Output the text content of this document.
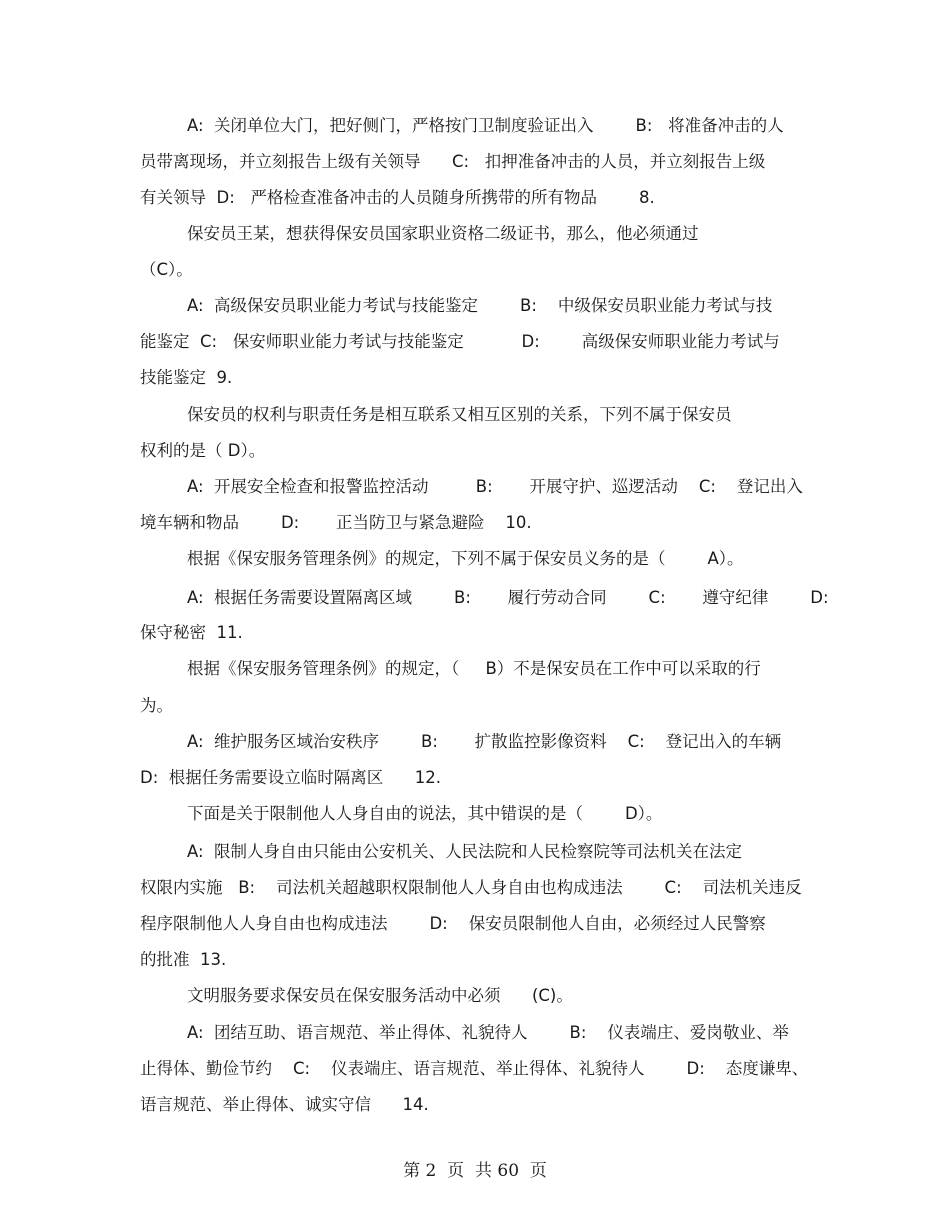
A:  关闭单位大门，把好侧门，严格按门卫制度验证出入        B:   将准备冲击的人
员带离现场，并立刻报告上级有关领导      C:   扣押准备冲击的人员，并立刻报告上级
有关领导  D:   严格检查准备冲击的人员随身所携带的所有物品        8.
保安员王某，想获得保安员国家职业资格二级证书，那么，他必须通过
（C）。
A:  高级保安员职业能力考试与技能鉴定        B:    中级保安员职业能力考试与技
能鉴定  C:   保安师职业能力考试与技能鉴定           D:        高级保安师职业能力考试与
技能鉴定  9.
保安员的权利与职责任务是相互联系又相互区别的关系，下列不属于保安员
权利的是（ D）。
A:  开展安全检查和报警监控活动         B:       开展守护、巡逻活动    C:    登记出入
境车辆和物品        D:       正当防卫与紧急避险    10.
根据《保安服务管理条例》的规定，下列不属于保安员义务的是（        A）。
A:  根据任务需要设置隔离区域        B:       履行劳动合同        C:       遵守纪律        D:
保守秘密  11.
根据《保安服务管理条例》的规定，（     B）不是保安员在工作中可以采取的行
为。
A:  维护服务区域治安秩序        B:       扩散监控影像资料    C:    登记出入的车辆
D:  根据任务需要设立临时隔离区      12.
下面是关于限制他人人身自由的说法，其中错误的是（        D）。
A:  限制人身自由只能由公安机关、人民法院和人民检察院等司法机关在法定
权限内实施   B:    司法机关超越职权限制他人人身自由也构成违法        C:    司法机关违反
程序限制他人人身自由也构成违法        D:    保安员限制他人自由，必须经过人民警察
的批准  13.
文明服务要求保安员在保安服务活动中必须      (C)。
A:  团结互助、语言规范、举止得体、礼貌待人        B:    仪表端庄、爱岗敬业、举
止得体、勤俭节约    C:    仪表端庄、语言规范、举止得体、礼貌待人        D:    态度谦卑、
语言规范、举止得体、诚实守信      14.
第 2  页  共 60  页
